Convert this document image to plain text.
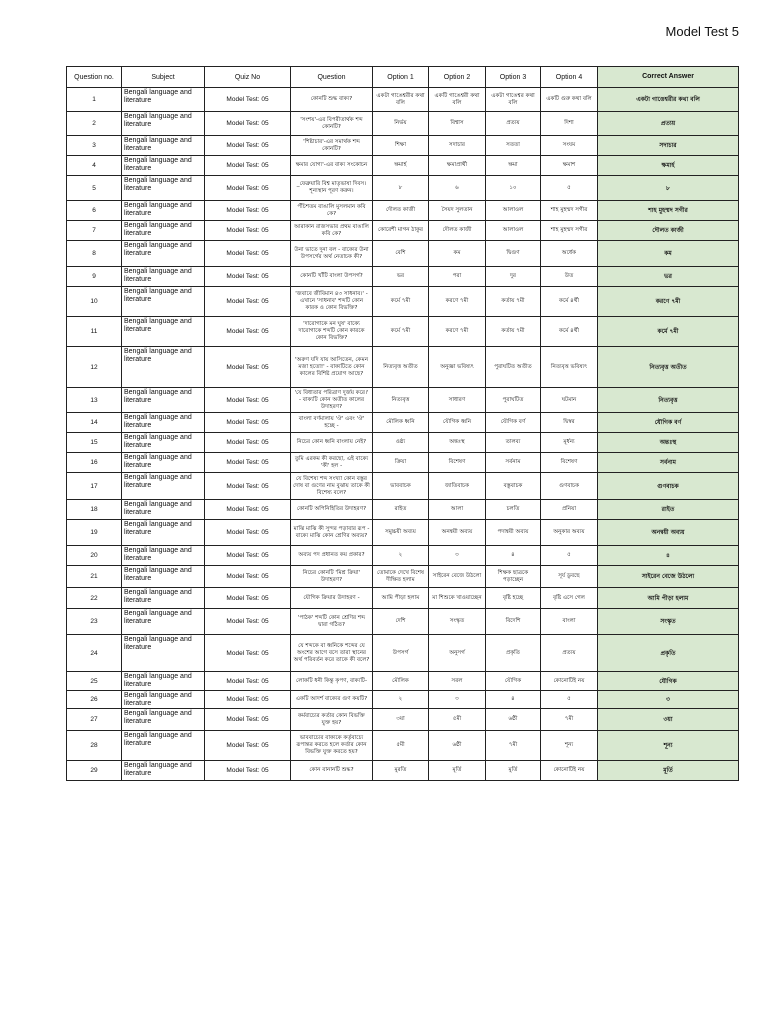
Model Test 5
Question no.	Subject	Quiz No	Question	Option 1	Option 2	Option 3	Option 4	Correct Answer
1	Bengali language and literature	Model Test: 05	কোনটি শুদ্ধ বাক্য?	একটা গাঙেশ্বরীর কথা বলি	একটি গাঙেশ্বরী কথা বলি	একটা গাঙেশ্বর কথা বলি	একটি গুরু কথা বলি	একটা গাঙেশ্বরীর কথা বলি
2	Bengali language and literature	Model Test: 05	'সংশয়'-এর বিপরীতার্থক শব্দ কোনটি?	নির্ভয়	বিশ্বাস	প্রত্যয়	দিশা	প্রত্যয়
3	Bengali language and literature	Model Test: 05	'শিষ্টাচার'-এর সমার্থক শব্দ কোনটি?	শিক্ষা	সদাচার	সততা	সংযম	সদাচার
4	Bengali language and literature	Model Test: 05	ক্ষমার যোগ্য'-এর বাক্য সংকোচন	ক্ষমার্হ	ক্ষমাপ্রার্থী	ক্ষমা	ক্ষমাশ	ক্ষমার্হ
5	Bengali language and literature	Model Test: 05	_ফেব্রুয়ারি বিশ্ব মাতৃভাষা দিবস। শূন্যস্থান পূরণ করুন।	৮	৬	১০	৫	৮
6	Bengali language and literature	Model Test: 05	পঁচিশতম বাঙালি মুসলমান কবি কে?	দৌলত কাজী	সৈয়দ সুলতান	আলাওল	শাহ মুহম্মদ সগীর	শাহ মুহম্মদ সগীর
7	Bengali language and literature	Model Test: 05	আরাকান রাজসভার প্রথম বাঙালি কবি কে?	কোরেশী মাগন ঠাকুর	দৌলত কাজী	আলাওল	শাহ মুহম্মদ সগীর	দৌলত কাজী
8	Bengali language and literature	Model Test: 05	উনা ভাতে দুনা বল - বাক্যের উনা উপসর্গের অর্থ নেতাচক কী?	বেশি	কম	দ্বিগুণ	অর্ধেক	কম
9	Bengali language and literature	Model Test: 05	কোনটি খাঁটি বাংলা উপসর্গ?	ভর	পরা	দুর	উত	ভর
10	Bengali language and literature	Model Test: 05	'জবাবে জীবিমান ৪৩ সাধনাব।' - এখানে 'সাধনাব' শব্দটি কোন কারক ও কোন বিভক্তি?	কর্মে ৭মী	করণে ৭মী	কর্তায় ৭মী	কর্মে ৪র্থী	করণে ৭মী
11	Bengali language and literature	Model Test: 05	'দারোগাকে মন ঘুষ' বাক্যে দারোগাকে শব্দটি কোন কারকে কোন বিভক্তি?	কর্মে ৭মী	করণে ৭মী	কর্তায় ৭মী	কর্মে ৪র্থী	কর্মে ৭মী
12	Bengali language and literature	Model Test: 05	'অরুণ যদি যায় আসিতেন, কেমন মজা হতো!' - বাক্যটিতে কোন কালের বিশিষ্ট প্রয়োগ আছে?	নিত্যবৃত্ত অতীত	অনুজ্ঞা ভবিষ্যৎ	পুরাঘটিত অতীত	নিত্যবৃত্ত ভবিষ্যৎ	নিত্যবৃত্ত অতীত
13	Bengali language and literature	Model Test: 05	'যে বিধাতার পরিত্রাণ দুর্জয় করে।' - বাক্যটি কোন অতীত কালের উদাহরণ?	নিত্যবৃত্ত	সাধারণ	পুরাঘটিত	ঘটমান	নিত্যবৃত্ত
14	Bengali language and literature	Model Test: 05	বাংলা বর্ণমালায় 'ঔ' এবং 'ঔ' হচ্ছে -	মৌলিক ধ্বনি	যৌগিক ধ্বনি	যৌগিক বর্ণ	দ্বিস্বর	যৌগিক বর্ণ
15	Bengali language and literature	Model Test: 05	নিচের কোন ধ্বনি বাংলায় নেই?	ওষ্ঠ্য	অন্তঃস্থ	তালব্য	মূর্ধন্য	অন্তঃস্থ
16	Bengali language and literature	Model Test: 05	তুমি এরকম কী করছো, এই বাক্যে 'কী' হল -	ক্রিয়া	বিশেষণ	সর্বনাম	বিশেষণ	সর্বনাম
17	Bengali language and literature	Model Test: 05	যে বিশেষ্য শব্দ সংখ্যা কোন বস্তুর দোষ বা গুণের নাম বুঝায় তাকে কী বিশেষ্য বলে?	ভাববাচক	জাতিবাচক	বস্তুবাচক	গুণবাচক	গুণবাচক
18	Bengali language and literature	Model Test: 05	কোনটি অপিনিহিতির উদাহরণ?	রাইত	আলা	চলতি	প্রনিয়া	রাইত
19	Bengali language and literature	Model Test: 05	মাঝি মাঝি কী সুন্দর পড়াবার রূপ - বাক্যে মাঝি কোন শ্রেণির অব্যয়?	সমুচ্চয়ী অব্যয়	অনন্বয়ী অব্যয়	পদান্বয়ী অব্যয়	অনুকার অব্যয়	অনন্বয়ী অব্যয়
20	Bengali language and literature	Model Test: 05	অব্যয় পদ প্রধানত কয় প্রকার?	২	৩	৪	৫	৪
21	Bengali language and literature	Model Test: 05	নিচের কোনটি 'মিশ্র ক্রিয়া' উদাহরণ?	তোমাকে দেখে বিশেষ দীক্ষিত হলাম	সাইরেন বেজে উঠলো	শিক্ষক ছাত্রকে পড়াচ্ছেন	সূর্য ডুবছে	সাইরেন বেজে উঠলো
22	Bengali language and literature	Model Test: 05	যৌগিক ক্রিয়ার উদাহরণ -	আমি পীড়া হলাম	মা শিশুকে খাওয়াচ্ছেন	বৃষ্টি হচ্ছে	বৃষ্টি এসে গেল	আমি পীড়া হলাম
23	Bengali language and literature	Model Test: 05	'পাঠক' শব্দটি কোন শ্রেণির শব্দ দ্বারা গঠিত?	দেশি	সংস্কৃত	বিদেশি	বাংলা	সংস্কৃত
24	Bengali language and literature	Model Test: 05	যে শব্দকে বা ধ্বনিকে শব্দের যে অংশের আগে বসে তারা স্থানের অর্থ পরিবর্তন করে তাকে কী বলে?	উপসর্গ	অনুসর্গ	প্রকৃতি	প্রত্যয়	প্রকৃতি
25	Bengali language and literature	Model Test: 05	লোকটি ধনী কিন্তু কৃপণ, বাক্যটি-	মৌলিক	সরল	যৌগিক	কোনোটিই নয়	যৌগিক
26	Bengali language and literature	Model Test: 05	একটি আদর্শ বাক্যের গুণ কয়টি?	২	৩	৪	৫	৩
27	Bengali language and literature	Model Test: 05	কর্মবাচ্যের কর্তার কোন বিভক্তি যুক্ত হয়?	৩য়া	৫মী	৬ষ্ঠী	৭মী	৩য়া
28	Bengali language and literature	Model Test: 05	ভাববাচ্যের বাক্যকে কর্তৃবাচ্যে রূপান্তর করতে হলে কর্তার কোন বিভক্তি যুক্ত করতে হয়?	৫মী	৬ষ্ঠী	৭মী	শূন্য	শূন্য
29	Bengali language and literature	Model Test: 05	কোন বানানটি শুদ্ধ?	মুরতি	মূর্তি	মুর্তি	কোনোটিই নয়	মূর্তি
